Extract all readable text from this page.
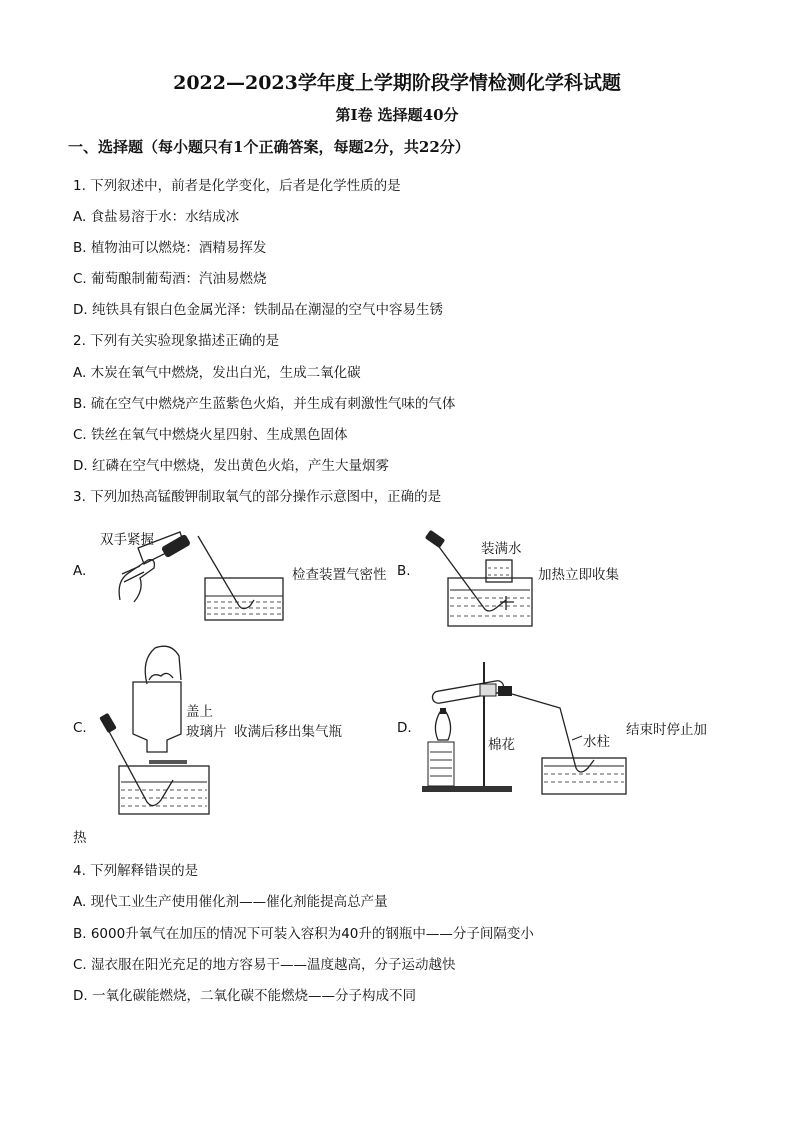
2022—2023学年度上学期阶段学情检测化学科试题
第Ⅰ卷 选择题40分
一、选择题（每小题只有1个正确答案，每题2分，共22分）
1. 下列叙述中，前者是化学变化，后者是化学性质的是
A. 食盐易溶于水：水结成冰
B. 植物油可以燃烧：酒精易挥发
C. 葡萄酿制葡萄酒：汽油易燃烧
D. 纯铁具有银白色金属光泽：铁制品在潮湿的空气中容易生锈
2. 下列有关实验现象描述正确的是
A. 木炭在氧气中燃烧，发出白光，生成二氧化碳
B. 硫在空气中燃烧产生蓝紫色火焰，并生成有刺激性气味的气体
C. 铁丝在氧气中燃烧火星四射、生成黑色固体
D. 红磷在空气中燃烧，发出黄色火焰，产生大量烟雾
3. 下列加热高锰酸钾制取氧气的部分操作示意图中，正确的是
A.
双手紧握
检查装置气密性 B.
装满水
加热立即收集
C.
盖上
玻璃片 收满后移出集气瓶	D.
棉花	水柱
结束时停止加
热
4. 下列解释错误的是
A. 现代工业生产使用催化剂——催化剂能提高总产量
B. 6000升氧气在加压的情况下可装入容积为40升的钢瓶中——分子间隔变小
C. 湿衣服在阳光充足的地方容易干——温度越高，分子运动越快
D. 一氧化碳能燃烧，二氧化碳不能燃烧——分子构成不同
